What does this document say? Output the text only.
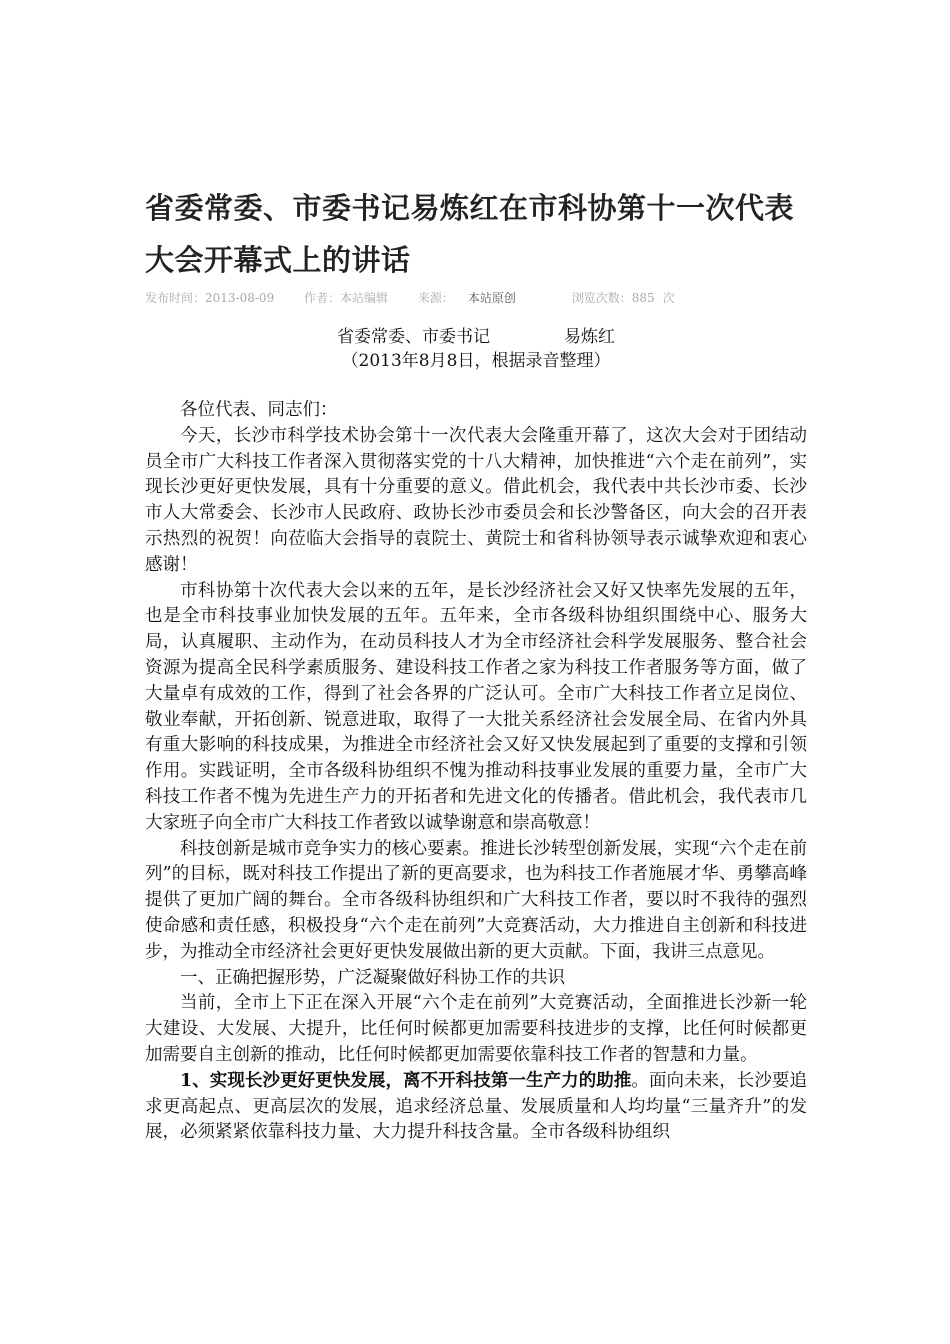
省委常委、市委书记易炼红在市科协第十一次代表大会开幕式上的讲话
发布时间：2013-08-09 作者：本站编辑 来源： 本站原创	浏览次数：885 次
省委常委、市委书记	易炼红
（2013年8月8日，根据录音整理）

各位代表、同志们：

今天，长沙市科学技术协会第十一次代表大会隆重开幕了，这次大会对于团结动员全市广大科技工作者深入贯彻落实党的十八大精神，加快推进“六个走在前列”，实现长沙更好更快发展，具有十分重要的意义。借此机会，我代表中共长沙市委、长沙市人大常委会、长沙市人民政府、政协长沙市委员会和长沙警备区，向大会的召开表示热烈的祝贺！向莅临大会指导的袁院士、黄院士和省科协领导表示诚挚欢迎和衷心感谢！

市科协第十次代表大会以来的五年，是长沙经济社会又好又快率先发展的五年，也是全市科技事业加快发展的五年。五年来，全市各级科协组织围绕中心、服务大局，认真履职、主动作为，在动员科技人才为全市经济社会科学发展服务、整合社会资源为提高全民科学素质服务、建设科技工作者之家为科技工作者服务等方面，做了大量卓有成效的工作，得到了社会各界的广泛认可。全市广大科技工作者立足岗位、敬业奉献，开拓创新、锐意进取，取得了一大批关系经济社会发展全局、在省内外具有重大影响的科技成果，为推进全市经济社会又好又快发展起到了重要的支撑和引领作用。实践证明，全市各级科协组织不愧为推动科技事业发展的重要力量，全市广大科技工作者不愧为先进生产力的开拓者和先进文化的传播者。借此机会，我代表市几大家班子向全市广大科技工作者致以诚挚谢意和崇高敬意！

科技创新是城市竞争实力的核心要素。推进长沙转型创新发展，实现“六个走在前列”的目标，既对科技工作提出了新的更高要求，也为科技工作者施展才华、勇攀高峰提供了更加广阔的舞台。全市各级科协组织和广大科技工作者，要以时不我待的强烈使命感和责任感，积极投身“六个走在前列”大竞赛活动，大力推进自主创新和科技进步，为推动全市经济社会更好更快发展做出新的更大贡献。下面，我讲三点意见。

一、正确把握形势，广泛凝聚做好科协工作的共识

当前，全市上下正在深入开展“六个走在前列”大竞赛活动，全面推进长沙新一轮大建设、大发展、大提升，比任何时候都更加需要科技进步的支撑，比任何时候都更加需要自主创新的推动，比任何时候都更加需要依靠科技工作者的智慧和力量。

1、实现长沙更好更快发展，离不开科技第一生产力的助推。面向未来，长沙要追求更高起点、更高层次的发展，追求经济总量、发展质量和人均均量“三量齐升”的发展，必须紧紧依靠科技力量、大力提升科技含量。全市各级科协组织
